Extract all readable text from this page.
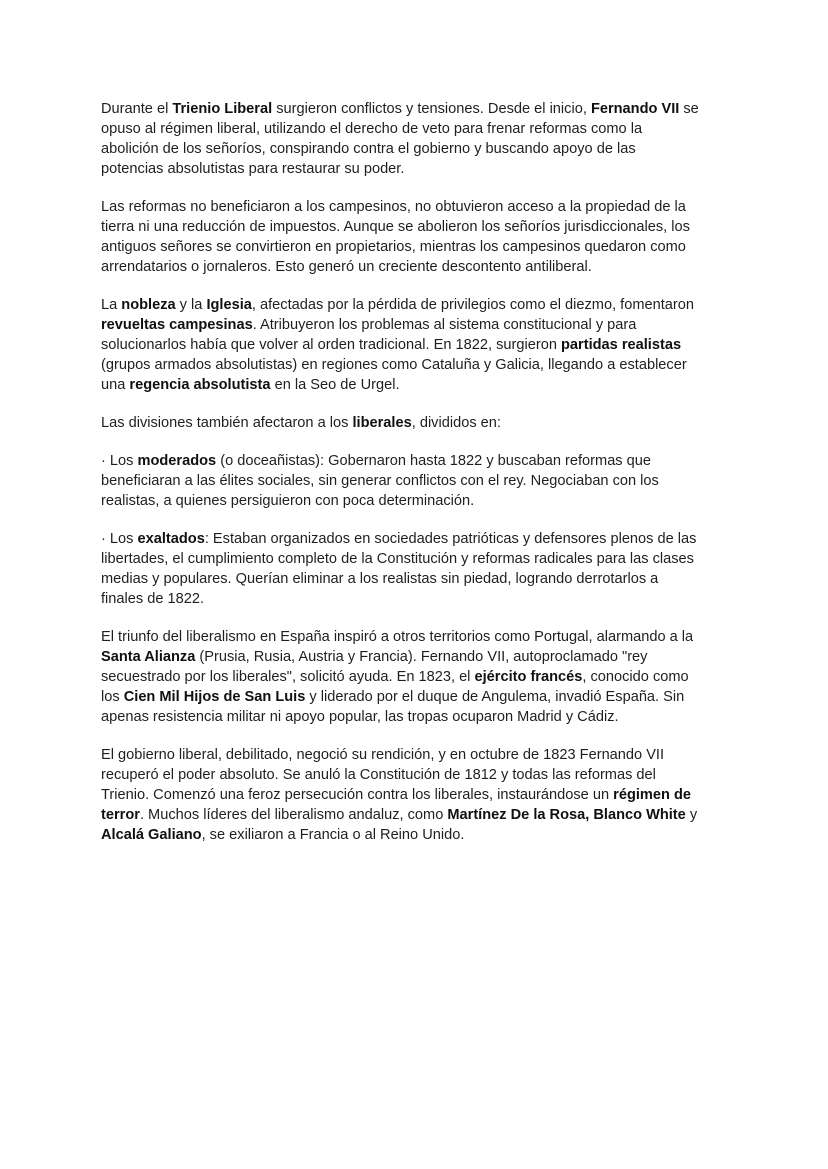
Durante el Trienio Liberal surgieron conflictos y tensiones. Desde el inicio, Fernando VII se
opuso al régimen liberal, utilizando el derecho de veto para frenar reformas como la
abolición de los señoríos, conspirando contra el gobierno y buscando apoyo de las
potencias absolutistas para restaurar su poder.
Las reformas no beneficiaron a los campesinos, no obtuvieron acceso a la propiedad de la
tierra ni una reducción de impuestos. Aunque se abolieron los señoríos jurisdiccionales, los
antiguos señores se convirtieron en propietarios, mientras los campesinos quedaron como
arrendatarios o jornaleros. Esto generó un creciente descontento antiliberal.
La nobleza y la Iglesia, afectadas por la pérdida de privilegios como el diezmo, fomentaron
revueltas campesinas. Atribuyeron los problemas al sistema constitucional y para
solucionarlos había que volver al orden tradicional. En 1822, surgieron partidas realistas
(grupos armados absolutistas) en regiones como Cataluña y Galicia, llegando a establecer
una regencia absolutista en la Seo de Urgel.
Las divisiones también afectaron a los liberales, divididos en:
· Los moderados (o doceañistas): Gobernaron hasta 1822 y buscaban reformas que
beneficiaran a las élites sociales, sin generar conflictos con el rey. Negociaban con los
realistas, a quienes persiguieron con poca determinación.
· Los exaltados: Estaban organizados en sociedades patrióticas y defensores plenos de las
libertades, el cumplimiento completo de la Constitución y reformas radicales para las clases
medias y populares. Querían eliminar a los realistas sin piedad, logrando derrotarlos a
finales de 1822.
El triunfo del liberalismo en España inspiró a otros territorios como Portugal, alarmando a la
Santa Alianza (Prusia, Rusia, Austria y Francia). Fernando VII, autoproclamado "rey
secuestrado por los liberales", solicitó ayuda. En 1823, el ejército francés, conocido como
los Cien Mil Hijos de San Luis y liderado por el duque de Angulema, invadió España. Sin
apenas resistencia militar ni apoyo popular, las tropas ocuparon Madrid y Cádiz.
El gobierno liberal, debilitado, negoció su rendición, y en octubre de 1823 Fernando VII
recuperó el poder absoluto. Se anuló la Constitución de 1812 y todas las reformas del
Trienio. Comenzó una feroz persecución contra los liberales, instaurándose un régimen de
terror. Muchos líderes del liberalismo andaluz, como Martínez De la Rosa, Blanco White y
Alcalá Galiano, se exiliaron a Francia o al Reino Unido.
